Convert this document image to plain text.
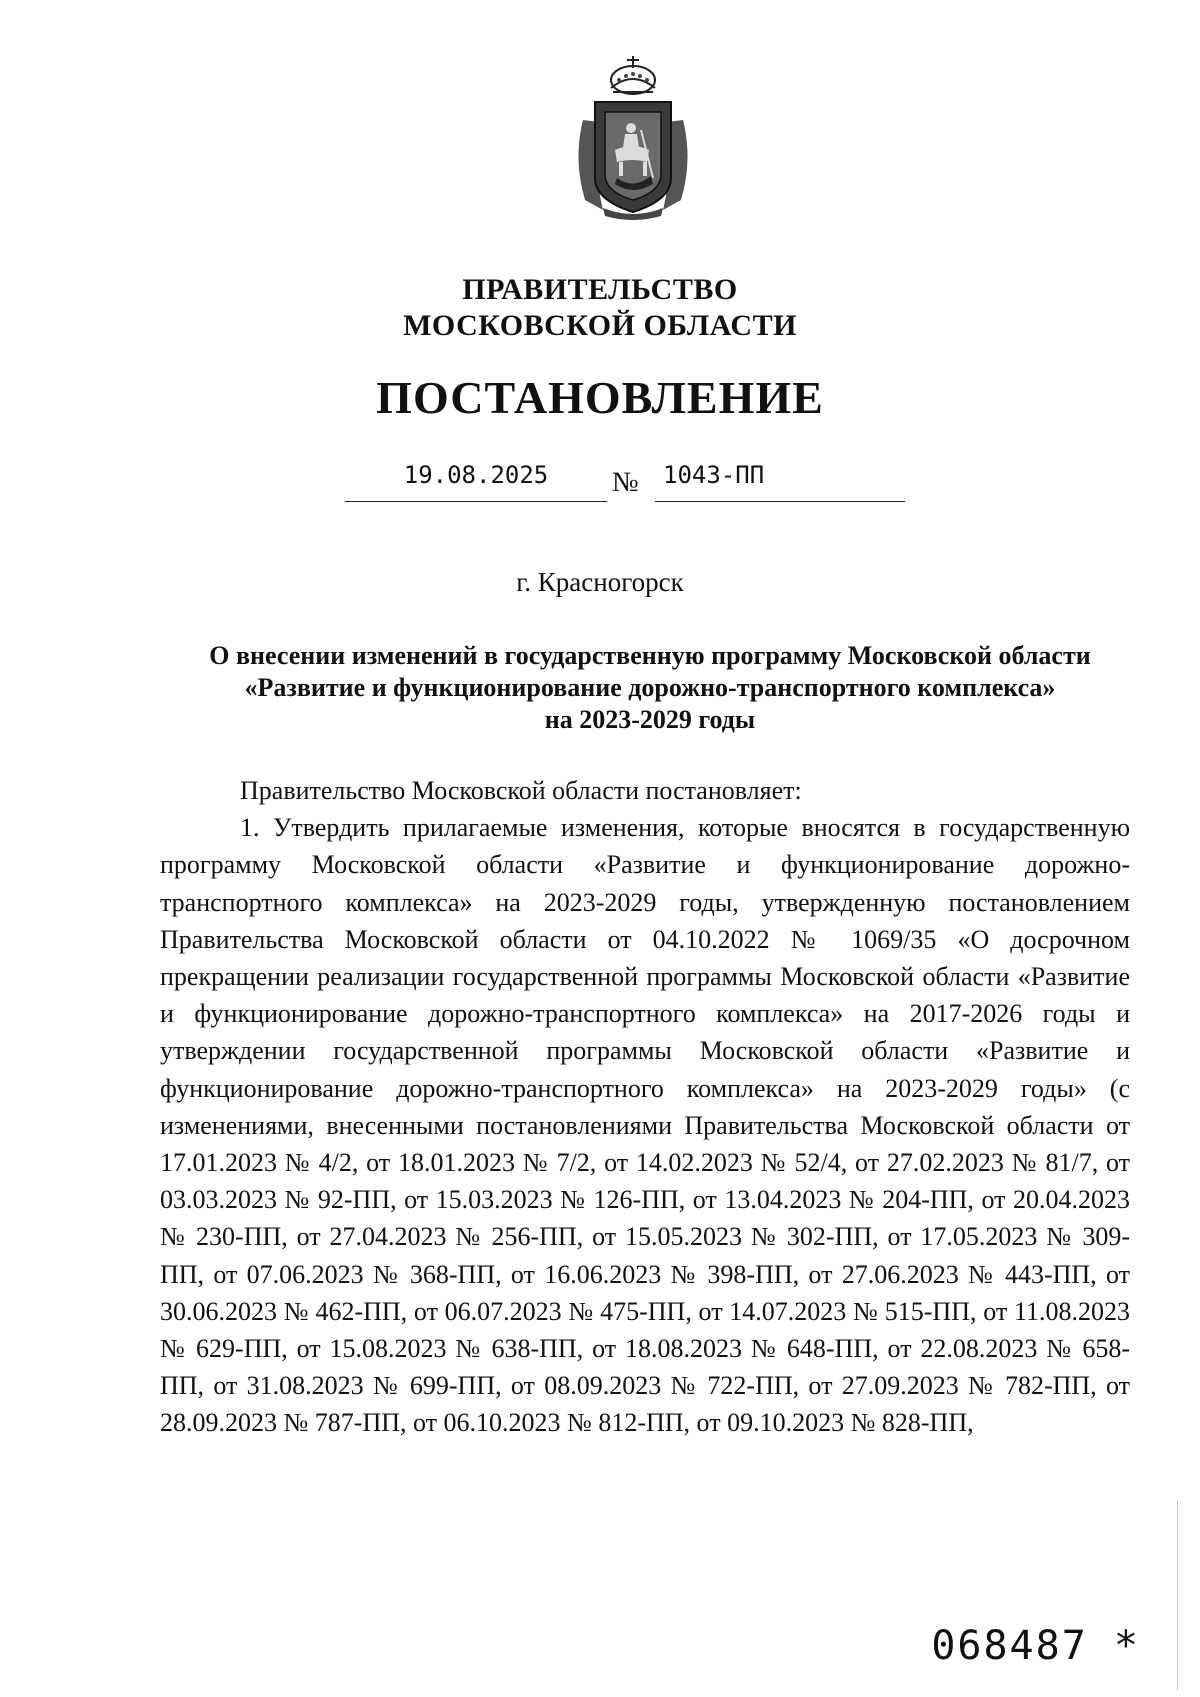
ПРАВИТЕЛЬСТВО
МОСКОВСКОЙ ОБЛАСТИ
ПОСТАНОВЛЕНИЕ
19.08.2025	№	1043-ПП
г. Красногорск
О внесении изменений в государственную программу Московской области
«Развитие и функционирование дорожно-транспортного комплекса»
на 2023-2029 годы

Правительство Московской области постановляет:

1. Утвердить прилагаемые изменения, которые вносятся в государственную программу Московской области «Развитие и функционирование дорожно-транспортного комплекса» на 2023-2029 годы, утвержденную постановлением Правительства Московской области от 04.10.2022 № 1069/35 «О досрочном прекращении реализации государственной программы Московской области «Развитие и функционирование дорожно-транспортного комплекса» на 2017-2026 годы и утверждении государственной программы Московской области «Развитие и функционирование дорожно-транспортного комплекса» на 2023-2029 годы» (с изменениями, внесенными постановлениями Правительства Московской области от 17.01.2023 № 4/2, от 18.01.2023 № 7/2, от 14.02.2023 № 52/4, от 27.02.2023 № 81/7, от 03.03.2023 № 92-ПП, от 15.03.2023 № 126-ПП, от 13.04.2023 № 204-ПП, от 20.04.2023 № 230-ПП, от 27.04.2023 № 256-ПП, от 15.05.2023 № 302-ПП, от 17.05.2023 № 309-ПП, от 07.06.2023 № 368-ПП, от 16.06.2023 № 398-ПП, от 27.06.2023 № 443-ПП, от 30.06.2023 № 462-ПП, от 06.07.2023 № 475-ПП, от 14.07.2023 № 515-ПП, от 11.08.2023 № 629-ПП, от 15.08.2023 № 638-ПП, от 18.08.2023 № 648-ПП, от 22.08.2023 № 658-ПП, от 31.08.2023 № 699-ПП, от 08.09.2023 № 722-ПП, от 27.09.2023 № 782-ПП, от 28.09.2023 № 787-ПП, от 06.10.2023 № 812-ПП, от 09.10.2023 № 828-ПП,

068487 *
